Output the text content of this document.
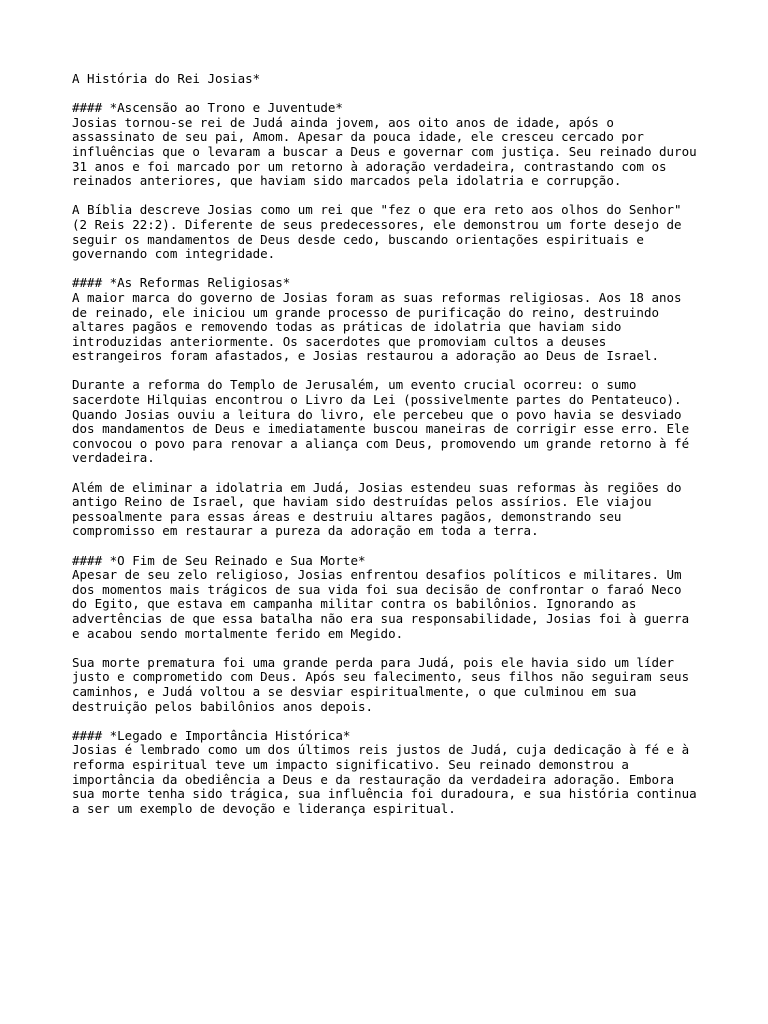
A História do Rei Josias*
#### *Ascensão ao Trono e Juventude*
Josias tornou-se rei de Judá ainda jovem, aos oito anos de idade, após o
assassinato de seu pai, Amom. Apesar da pouca idade, ele cresceu cercado por
influências que o levaram a buscar a Deus e governar com justiça. Seu reinado durou
31 anos e foi marcado por um retorno à adoração verdadeira, contrastando com os
reinados anteriores, que haviam sido marcados pela idolatria e corrupção.
A Bíblia descreve Josias como um rei que "fez o que era reto aos olhos do Senhor"
(2 Reis 22:2). Diferente de seus predecessores, ele demonstrou um forte desejo de
seguir os mandamentos de Deus desde cedo, buscando orientações espirituais e
governando com integridade.
#### *As Reformas Religiosas*
A maior marca do governo de Josias foram as suas reformas religiosas. Aos 18 anos
de reinado, ele iniciou um grande processo de purificação do reino, destruindo
altares pagãos e removendo todas as práticas de idolatria que haviam sido
introduzidas anteriormente. Os sacerdotes que promoviam cultos a deuses
estrangeiros foram afastados, e Josias restaurou a adoração ao Deus de Israel.
Durante a reforma do Templo de Jerusalém, um evento crucial ocorreu: o sumo
sacerdote Hilquias encontrou o Livro da Lei (possivelmente partes do Pentateuco).
Quando Josias ouviu a leitura do livro, ele percebeu que o povo havia se desviado
dos mandamentos de Deus e imediatamente buscou maneiras de corrigir esse erro. Ele
convocou o povo para renovar a aliança com Deus, promovendo um grande retorno à fé
verdadeira.
Além de eliminar a idolatria em Judá, Josias estendeu suas reformas às regiões do
antigo Reino de Israel, que haviam sido destruídas pelos assírios. Ele viajou
pessoalmente para essas áreas e destruiu altares pagãos, demonstrando seu
compromisso em restaurar a pureza da adoração em toda a terra.
#### *O Fim de Seu Reinado e Sua Morte*
Apesar de seu zelo religioso, Josias enfrentou desafios políticos e militares. Um
dos momentos mais trágicos de sua vida foi sua decisão de confrontar o faraó Neco
do Egito, que estava em campanha militar contra os babilônios. Ignorando as
advertências de que essa batalha não era sua responsabilidade, Josias foi à guerra
e acabou sendo mortalmente ferido em Megido.
Sua morte prematura foi uma grande perda para Judá, pois ele havia sido um líder
justo e comprometido com Deus. Após seu falecimento, seus filhos não seguiram seus
caminhos, e Judá voltou a se desviar espiritualmente, o que culminou em sua
destruição pelos babilônios anos depois.
#### *Legado e Importância Histórica*
Josias é lembrado como um dos últimos reis justos de Judá, cuja dedicação à fé e à
reforma espiritual teve um impacto significativo. Seu reinado demonstrou a
importância da obediência a Deus e da restauração da verdadeira adoração. Embora
sua morte tenha sido trágica, sua influência foi duradoura, e sua história continua
a ser um exemplo de devoção e liderança espiritual.
